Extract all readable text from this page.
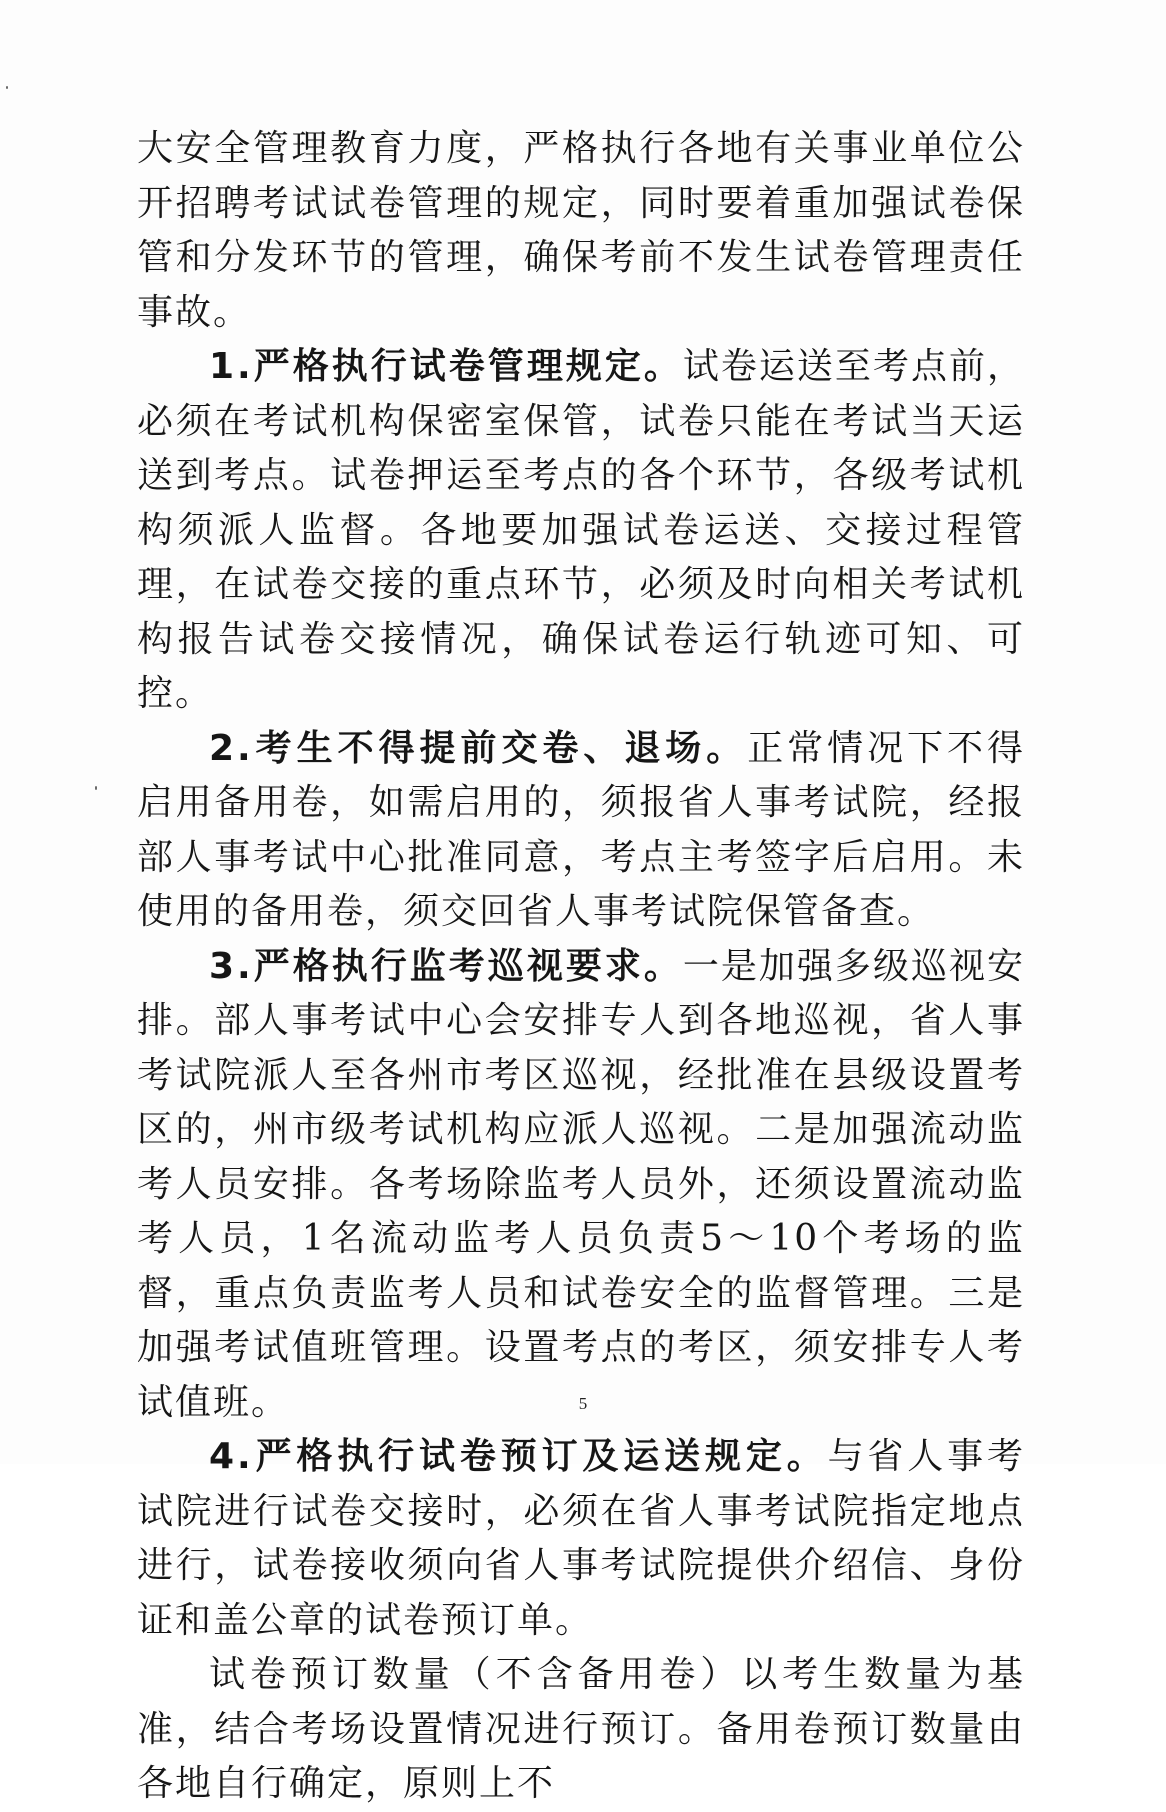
大安全管理教育力度，严格执行各地有关事业单位公开招聘考试试卷管理的规定，同时要着重加强试卷保管和分发环节的管理，确保考前不发生试卷管理责任事故。

1.严格执行试卷管理规定。试卷运送至考点前，必须在考试机构保密室保管，试卷只能在考试当天运送到考点。试卷押运至考点的各个环节，各级考试机构须派人监督。各地要加强试卷运送、交接过程管理，在试卷交接的重点环节，必须及时向相关考试机构报告试卷交接情况，确保试卷运行轨迹可知、可控。

2.考生不得提前交卷、退场。正常情况下不得启用备用卷，如需启用的，须报省人事考试院，经报部人事考试中心批准同意，考点主考签字后启用。未使用的备用卷，须交回省人事考试院保管备查。

3.严格执行监考巡视要求。一是加强多级巡视安排。部人事考试中心会安排专人到各地巡视，省人事考试院派人至各州市考区巡视，经批准在县级设置考区的，州市级考试机构应派人巡视。二是加强流动监考人员安排。各考场除监考人员外，还须设置流动监考人员，1名流动监考人员负责5～10个考场的监督，重点负责监考人员和试卷安全的监督管理。三是加强考试值班管理。设置考点的考区，须安排专人考试值班。

4.严格执行试卷预订及运送规定。与省人事考试院进行试卷交接时，必须在省人事考试院指定地点进行，试卷接收须向省人事考试院提供介绍信、身份证和盖公章的试卷预订单。

试卷预订数量（不含备用卷）以考生数量为基准，结合考场设置情况进行预订。备用卷预订数量由各地自行确定，原则上不

5
